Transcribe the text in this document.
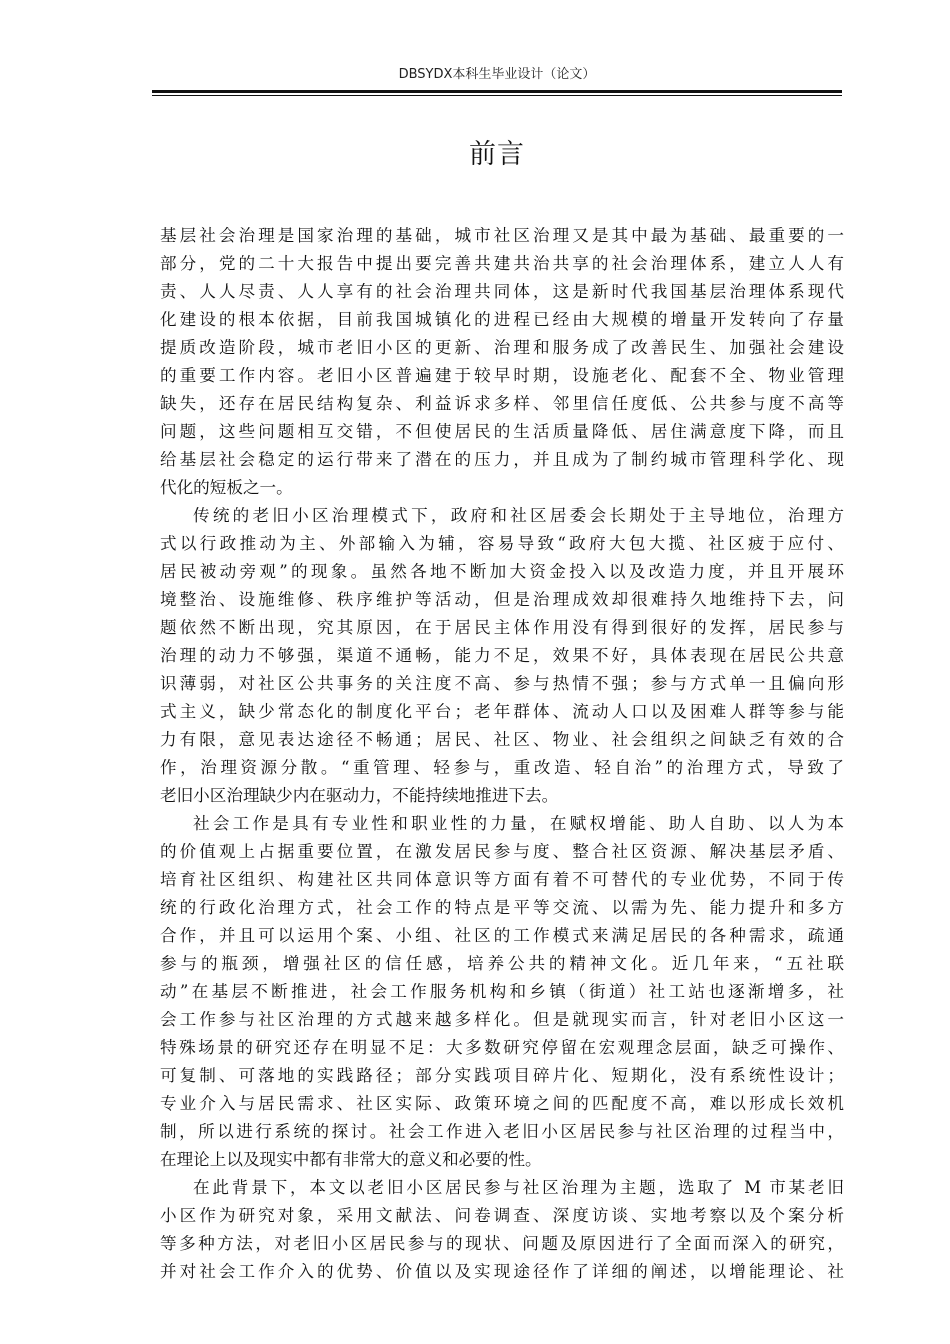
DBSYDX本科生毕业设计（论文）
前言
基层社会治理是国家治理的基础，城市社区治理又是其中最为基础、最重要的一
部分，党的二十大报告中提出要完善共建共治共享的社会治理体系，建立人人有
责、人人尽责、人人享有的社会治理共同体，这是新时代我国基层治理体系现代
化建设的根本依据，目前我国城镇化的进程已经由大规模的增量开发转向了存量
提质改造阶段，城市老旧小区的更新、治理和服务成了改善民生、加强社会建设
的重要工作内容。老旧小区普遍建于较早时期，设施老化、配套不全、物业管理
缺失，还存在居民结构复杂、利益诉求多样、邻里信任度低、公共参与度不高等
问题，这些问题相互交错，不但使居民的生活质量降低、居住满意度下降，而且
给基层社会稳定的运行带来了潜在的压力，并且成为了制约城市管理科学化、现
代化的短板之一。
传统的老旧小区治理模式下，政府和社区居委会长期处于主导地位，治理方
式以行政推动为主、外部输入为辅，容易导致“政府大包大揽、社区疲于应付、
居民被动旁观”的现象。虽然各地不断加大资金投入以及改造力度，并且开展环
境整治、设施维修、秩序维护等活动，但是治理成效却很难持久地维持下去，问
题依然不断出现，究其原因，在于居民主体作用没有得到很好的发挥，居民参与
治理的动力不够强，渠道不通畅，能力不足，效果不好，具体表现在居民公共意
识薄弱，对社区公共事务的关注度不高、参与热情不强；参与方式单一且偏向形
式主义，缺少常态化的制度化平台；老年群体、流动人口以及困难人群等参与能
力有限，意见表达途径不畅通；居民、社区、物业、社会组织之间缺乏有效的合
作，治理资源分散。“重管理、轻参与，重改造、轻自治”的治理方式，导致了
老旧小区治理缺少内在驱动力，不能持续地推进下去。
社会工作是具有专业性和职业性的力量，在赋权增能、助人自助、以人为本
的价值观上占据重要位置，在激发居民参与度、整合社区资源、解决基层矛盾、
培育社区组织、构建社区共同体意识等方面有着不可替代的专业优势，不同于传
统的行政化治理方式，社会工作的特点是平等交流、以需为先、能力提升和多方
合作，并且可以运用个案、小组、社区的工作模式来满足居民的各种需求，疏通
参与的瓶颈，增强社区的信任感，培养公共的精神文化。近几年来，“五社联
动”在基层不断推进，社会工作服务机构和乡镇（街道）社工站也逐渐增多，社
会工作参与社区治理的方式越来越多样化。但是就现实而言，针对老旧小区这一
特殊场景的研究还存在明显不足：大多数研究停留在宏观理念层面，缺乏可操作、
可复制、可落地的实践路径；部分实践项目碎片化、短期化，没有系统性设计；
专业介入与居民需求、社区实际、政策环境之间的匹配度不高，难以形成长效机
制，所以进行系统的探讨。社会工作进入老旧小区居民参与社区治理的过程当中，
在理论上以及现实中都有非常大的意义和必要的性。
在此背景下，本文以老旧小区居民参与社区治理为主题，选取了 M 市某老旧
小区作为研究对象，采用文献法、问卷调查、深度访谈、实地考察以及个案分析
等多种方法，对老旧小区居民参与的现状、问题及原因进行了全面而深入的研究，
并对社会工作介入的优势、价值以及实现途径作了详细的阐述，以增能理论、社
